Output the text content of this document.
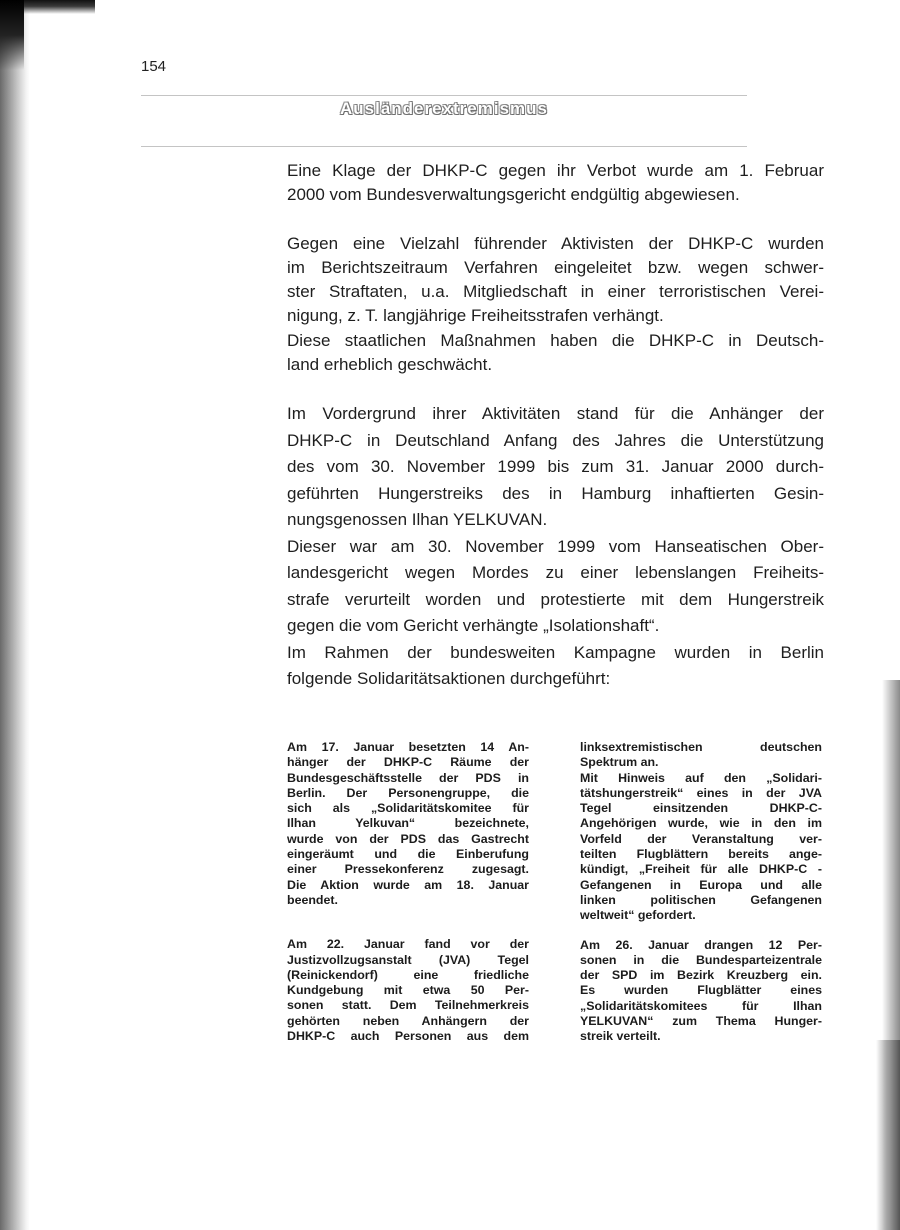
154
Ausländerextremismus
Eine Klage der DHKP-C gegen ihr Verbot wurde am 1. Februar
2000 vom Bundesverwaltungsgericht endgültig abgewiesen.
Gegen eine Vielzahl führender Aktivisten der DHKP-C wurden
im Berichtszeitraum Verfahren eingeleitet bzw. wegen schwer-
ster Straftaten, u.a. Mitgliedschaft in einer terroristischen Verei-
nigung, z. T. langjährige Freiheitsstrafen verhängt.
Diese staatlichen Maßnahmen haben die DHKP-C in Deutsch-
land erheblich geschwächt.
Im Vordergrund ihrer Aktivitäten stand für die Anhänger der
DHKP-C in Deutschland Anfang des Jahres die Unterstützung
des vom 30. November 1999 bis zum 31. Januar 2000 durch-
geführten Hungerstreiks des in Hamburg inhaftierten Gesin-
nungsgenossen Ilhan YELKUVAN.
Dieser war am 30. November 1999 vom Hanseatischen Ober-
landesgericht wegen Mordes zu einer lebenslangen Freiheits-
strafe verurteilt worden und protestierte mit dem Hungerstreik
gegen die vom Gericht verhängte „Isolationshaft“.
Im Rahmen der bundesweiten Kampagne wurden in Berlin
folgende Solidaritätsaktionen durchgeführt:
Am 17. Januar besetzten 14 An-
hänger der DHKP-C Räume der
Bundesgeschäftsstelle der PDS in
Berlin. Der Personengruppe, die
sich als „Solidaritätskomitee für
Ilhan Yelkuvan“ bezeichnete,
wurde von der PDS das Gastrecht
eingeräumt und die Einberufung
einer Pressekonferenz zugesagt.
Die Aktion wurde am 18. Januar
beendet.
Am 22. Januar fand vor der
Justizvollzugsanstalt (JVA) Tegel
(Reinickendorf) eine friedliche
Kundgebung mit etwa 50 Per-
sonen statt. Dem Teilnehmerkreis
gehörten neben Anhängern der
DHKP-C auch Personen aus dem
linksextremistischen deutschen
Spektrum an.
Mit Hinweis auf den „Solidari-
tätshungerstreik“ eines in der JVA
Tegel einsitzenden DHKP-C-
Angehörigen wurde, wie in den im
Vorfeld der Veranstaltung ver-
teilten Flugblättern bereits ange-
kündigt, „Freiheit für alle DHKP-C -
Gefangenen in Europa und alle
linken politischen Gefangenen
weltweit“ gefordert.
Am 26. Januar drangen 12 Per-
sonen in die Bundesparteizentrale
der SPD im Bezirk Kreuzberg ein.
Es wurden Flugblätter eines
„Solidaritätskomitees für Ilhan
YELKUVAN“ zum Thema Hunger-
streik verteilt.
